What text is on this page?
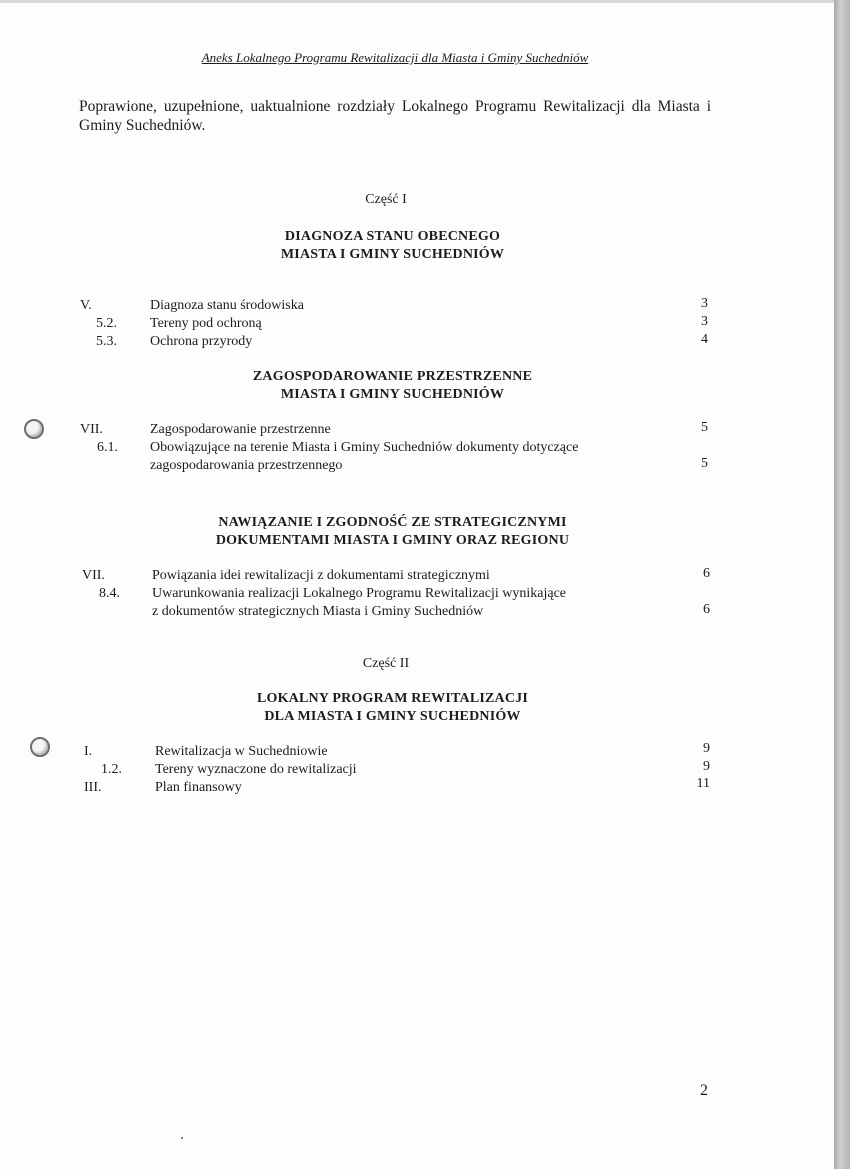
Aneks Lokalnego Programu Rewitalizacji dla Miasta i Gminy Suchedniów
Poprawione, uzupełnione, uaktualnione rozdziały Lokalnego Programu Rewitalizacji dla Miasta i Gminy Suchedniów.
Część I
DIAGNOZA STANU OBECNEGO
MIASTA I GMINY SUCHEDNIÓW
V.	Diagnoza stanu środowiska	3
5.2. Tereny pod ochroną	3
5.3. Ochrona przyrody	4
ZAGOSPODAROWANIE PRZESTRZENNE
MIASTA I GMINY SUCHEDNIÓW
VII.	Zagospodarowanie przestrzenne	5
6.1. Obowiązujące na terenie Miasta i Gminy Suchedniów dokumenty dotyczące
zagospodarowania przestrzennego	5
NAWIĄZANIE I ZGODNOŚĆ ZE STRATEGICZNYMI
DOKUMENTAMI MIASTA I GMINY ORAZ REGIONU
VII.	Powiązania idei rewitalizacji z dokumentami strategicznymi	6
8.4. Uwarunkowania realizacji Lokalnego Programu Rewitalizacji wynikające
z dokumentów strategicznych Miasta i Gminy Suchedniów	6
Część II
LOKALNY PROGRAM REWITALIZACJI
DLA MIASTA I GMINY SUCHEDNIÓW
I.	Rewitalizacja w Suchedniowie	9
1.2. Tereny wyznaczone do rewitalizacji	9
III.	Plan finansowy	11
2
